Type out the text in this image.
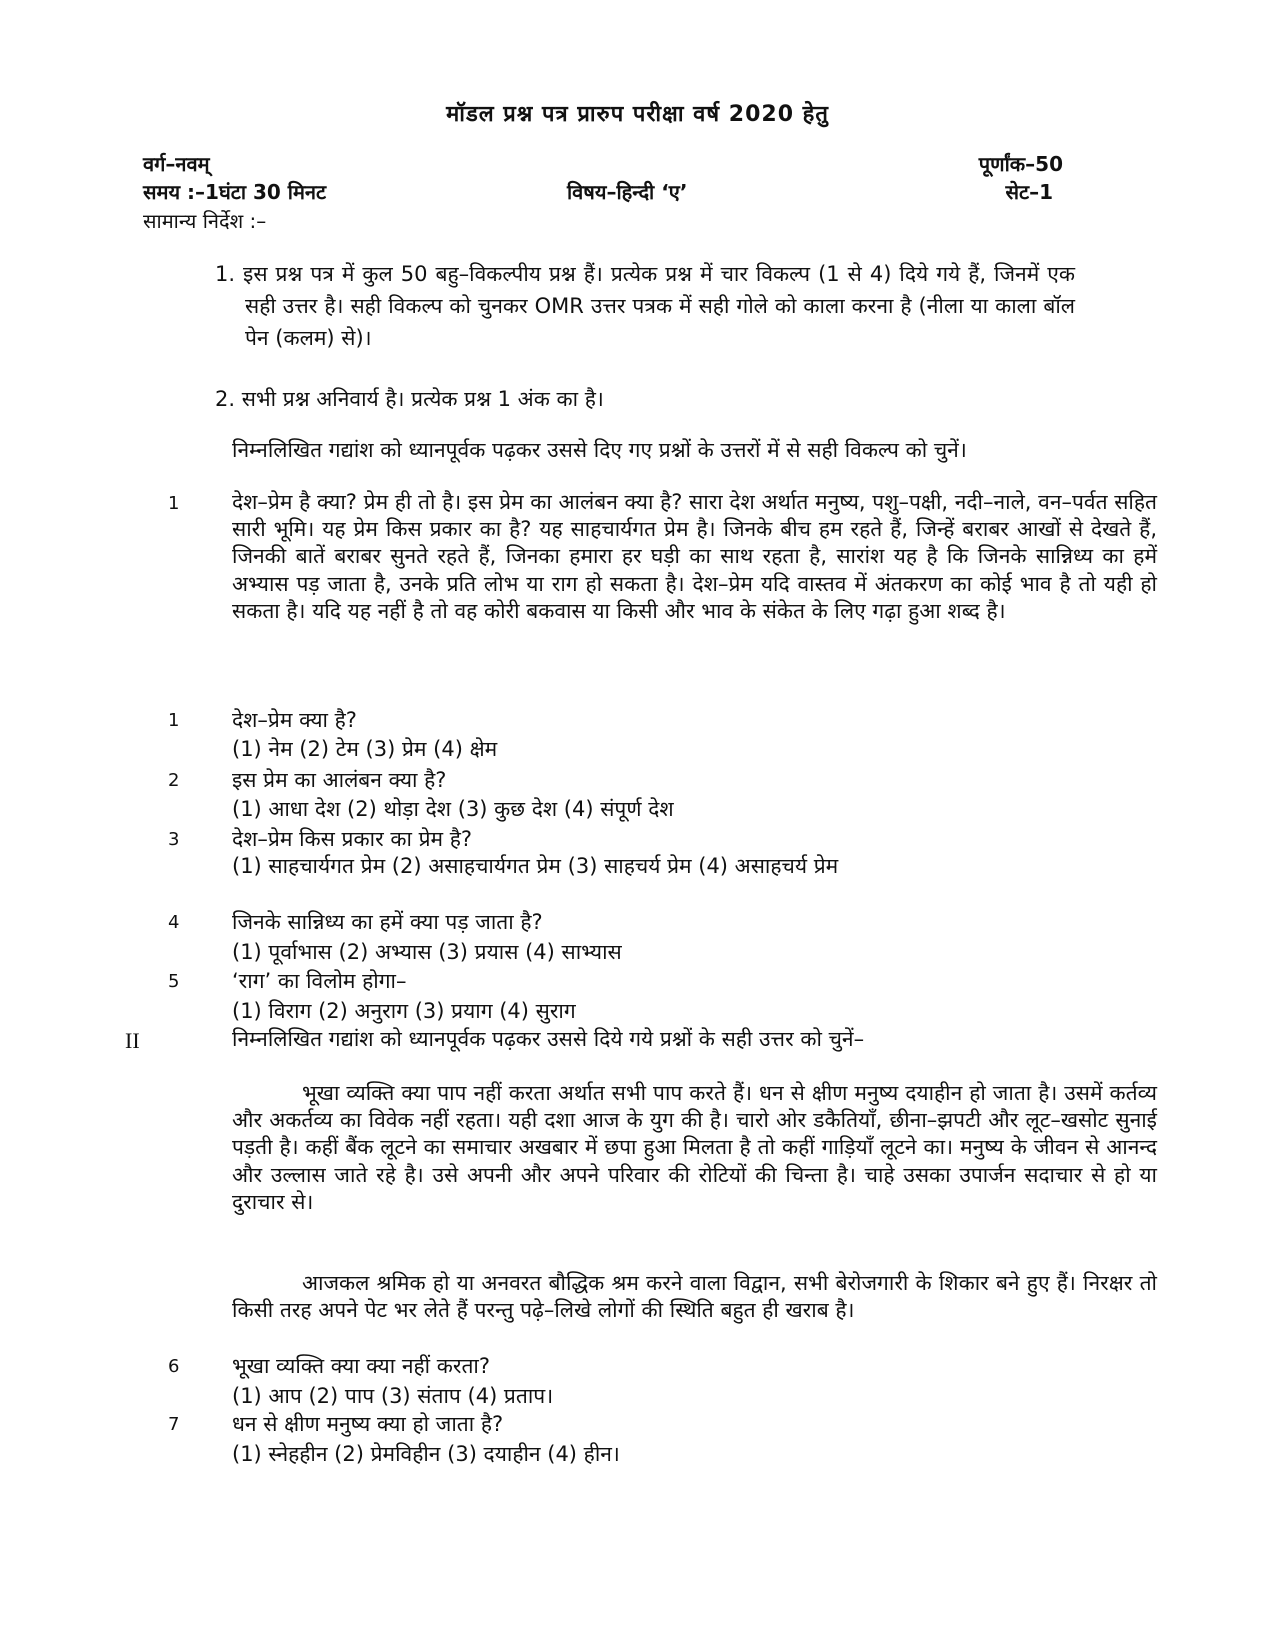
मॉडल प्रश्न पत्र प्रारुप परीक्षा वर्ष 2020 हेतु
वर्ग–नवम्	पूर्णांक–50
समय :–1घंटा 30 मिनट	विषय–हिन्दी ‘ए’	सेट–1
सामान्य निर्देश :–

1. इस प्रश्न पत्र में कुल 50 बहु–विकल्पीय प्रश्न हैं। प्रत्येक प्रश्न में चार विकल्प (1 से 4) दिये गये हैं, जिनमें एक सही उत्तर है। सही विकल्प को चुनकर OMR उत्तर पत्रक में सही गोले को काला करना है (नीला या काला बॉल पेन (कलम) से)।

2. सभी प्रश्न अनिवार्य है। प्रत्येक प्रश्न 1 अंक का है।

निम्नलिखित गद्यांश को ध्यानपूर्वक पढ़कर उससे दिए गए प्रश्नों के उत्तरों में से सही विकल्प को चुनें।

1	देश–प्रेम है क्या? प्रेम ही तो है। इस प्रेम का आलंबन क्या है? सारा देश अर्थात मनुष्य, पशु–पक्षी, नदी–नाले, वन–पर्वत सहित सारी भूमि। यह प्रेम किस प्रकार का है? यह साहचार्यगत प्रेम है। जिनके बीच हम रहते हैं, जिन्हें बराबर आखों से देखते हैं, जिनकी बातें बराबर सुनते रहते हैं, जिनका हमारा हर घड़ी का साथ रहता है, सारांश यह है कि जिनके सान्निध्य का हमें अभ्यास पड़ जाता है, उनके प्रति लोभ या राग हो सकता है। देश–प्रेम यदि वास्तव में अंतकरण का कोई भाव है तो यही हो सकता है। यदि यह नहीं है तो वह कोरी बकवास या किसी और भाव के संकेत के लिए गढ़ा हुआ शब्द है।

1	देश–प्रेम क्या है?
(1) नेम (2) टेम (3) प्रेम (4) क्षेम
2	इस प्रेम का आलंबन क्या है?
(1) आधा देश (2) थोड़ा देश (3) कुछ देश (4) संपूर्ण देश
3	देश–प्रेम किस प्रकार का प्रेम है?

(1) साहचार्यगत प्रेम (2) असाहचार्यगत प्रेम (3) साहचर्य प्रेम (4) असाहचर्य प्रेम

4	जिनके सान्निध्य का हमें क्या पड़ जाता है?
(1) पूर्वाभास (2) अभ्यास (3) प्रयास (4) साभ्यास
5	‘राग’ का विलोम होगा–
(1) विराग (2) अनुराग (3) प्रयाग (4) सुराग
II	निम्नलिखित गद्यांश को ध्यानपूर्वक पढ़कर उससे दिये गये प्रश्नों के सही उत्तर को चुनें–

भूखा व्यक्ति क्या पाप नहीं करता अर्थात सभी पाप करते हैं। धन से क्षीण मनुष्य दयाहीन हो जाता है। उसमें कर्तव्य और अकर्तव्य का विवेक नहीं रहता। यही दशा आज के युग की है। चारो ओर डकैतियाँ, छीना–झपटी और लूट–खसोट सुनाई पड़ती है। कहीं बैंक लूटने का समाचार अखबार में छपा हुआ मिलता है तो कहीं गाड़ियाँ लूटने का। मनुष्य के जीवन से आनन्द और उल्लास जाते रहे है। उसे अपनी और अपने परिवार की रोटियों की चिन्ता है। चाहे उसका उपार्जन सदाचार से हो या दुराचार से।

आजकल श्रमिक हो या अनवरत बौद्धिक श्रम करने वाला विद्वान, सभी बेरोजगारी के शिकार बने हुए हैं। निरक्षर तो किसी तरह अपने पेट भर लेते हैं परन्तु पढ़े–लिखे लोगों की स्थिति बहुत ही खराब है।

6	भूखा व्यक्ति क्या क्या नहीं करता?
(1) आप (2) पाप (3) संताप (4) प्रताप।
7	धन से क्षीण मनुष्य क्या हो जाता है?
(1) स्नेहहीन (2) प्रेमविहीन (3) दयाहीन (4) हीन।
